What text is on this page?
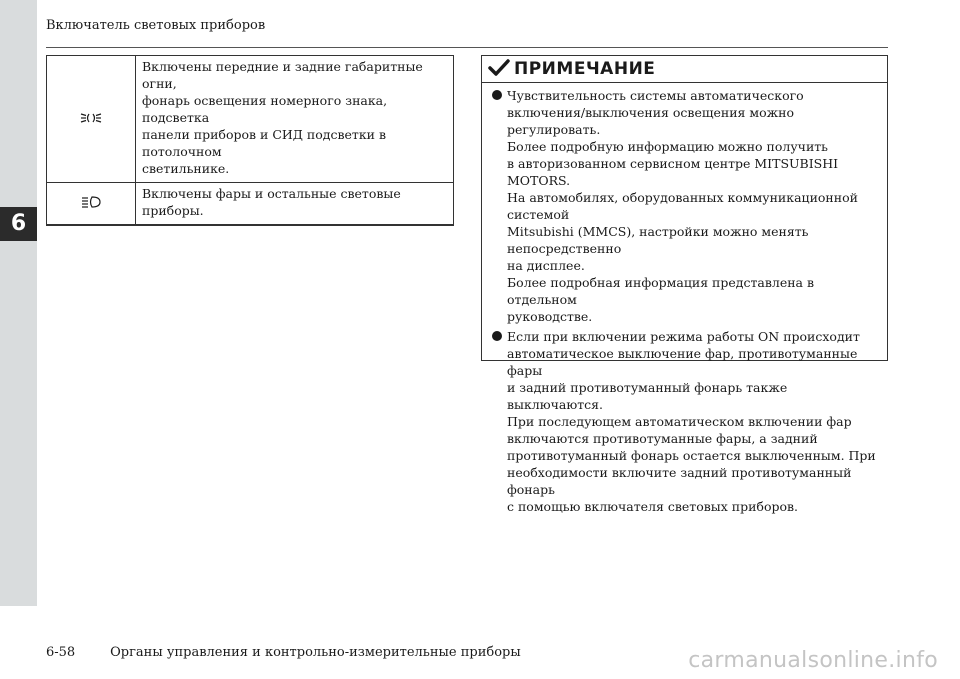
6
Включатель световых приборов

Включены передние и задние габаритные огни,
фонарь освещения номерного знака, подсветка
панели приборов и СИД подсветки в потолочном
светильнике.

Включены фары и остальные световые приборы.
ПРИМЕЧАНИЕ
Чувствительность системы автоматического
включения/выключения освещения можно регулировать.
Более подробную информацию можно получить
в авторизованном сервисном центре MITSUBISHI MOTORS.
На автомобилях, оборудованных коммуникационной системой
Mitsubishi (MMCS), настройки можно менять непосредственно
на дисплее.
Более подробная информация представлена в отдельном
руководстве.
Если при включении режима работы ON происходит
автоматическое выключение фар, противотуманные фары
и задний противотуманный фонарь также выключаются.
При последующем автоматическом включении фар
включаются противотуманные фары, а задний
противотуманный фонарь остается выключенным. При
необходимости включите задний противотуманный фонарь
с помощью включателя световых приборов.
6-58	Органы управления и контрольно-измерительные приборы	carmanualsonline.info
